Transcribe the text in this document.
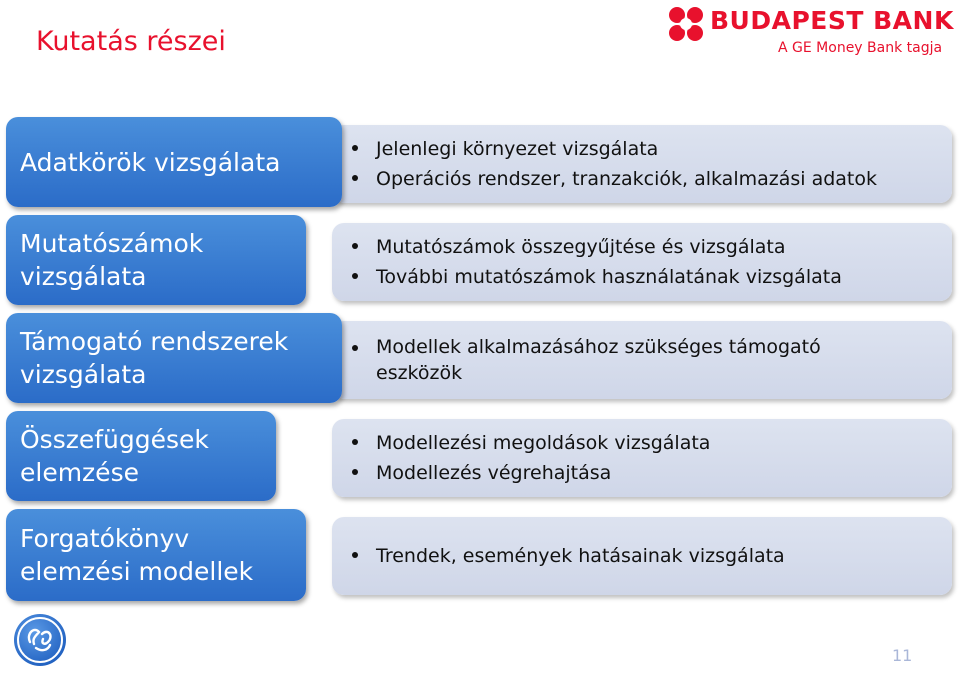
Kutatás részei
BUDAPEST BANK
A GE Money Bank tagja
Jelenlegi környezet vizsgálata
Operációs rendszer, tranzakciók, alkalmazási adatok
Adatkörök vizsgálata
Mutatószámok összegyűjtése és vizsgálata
További mutatószámok használatának vizsgálata
Mutatószámok vizsgálata
Modellek alkalmazásához szükséges támogató eszközök
Támogató rendszerek vizsgálata
Modellezési megoldások vizsgálata
Modellezés végrehajtása
Összefüggések elemzése
Trendek, események hatásainak vizsgálata
Forgatókönyv elemzési modellek
11
